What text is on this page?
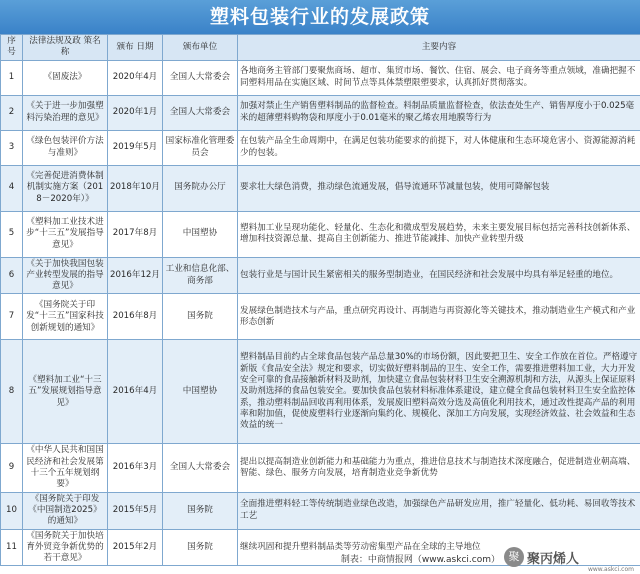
塑料包装行业的发展政策
序号	法律法规及政 策名称	颁布 日期	颁布单位	主要内容
1	《固废法》	2020年4月	全国人大常委会	各地商务主管部门要聚焦商场、超市、集贸市场、餐饮、住宿、展会、电子商务等重点领域，准确把握不同塑料用品在实施区域、时间节点等具体禁塑限塑要求，认真抓好贯彻落实。
2	《关于进一步加强塑料污染治理的意见》	2020年1月	全国人大常委会	加强对禁止生产销售塑料制品的监督检查。料制品质量监督检查，依法查处生产、销售厚度小于0.025毫米的超薄塑料购物袋和厚度小于0.01毫米的聚乙烯农用地膜等行为
3	《绿色包装评价方法与准则》	2019年5月	国家标准化管理委员会	在包装产品全生命周期中，在满足包装功能要求的前提下，对人体健康和生态环境危害小、资源能源消耗少的包装。
4	《完善促进消费体制机制实施方案（2018－2020年）》	2018年10月	国务院办公厅	要求壮大绿色消费，推动绿色流通发展，倡导流通环节减量包装，使用可降解包装
5	《塑料加工业技术进步“十三五”发展指导意见》	2017年8月	中国塑协	塑料加工业呈现功能化、轻量化、生态化和微成型发展趋势，未来主要发展目标包括完善科技创新体系、增加科技资源总量、提高自主创新能力、推进节能减排、加快产业转型升级
6	《关于加快我国包装产业转型发展的指导意见》	2016年12月	工业和信息化部、商务部	包装行业是与国计民生紧密相关的服务型制造业，在国民经济和社会发展中均具有举足轻重的地位。
7	《国务院关于印发“十三五”国家科技创新规划的通知》	2016年8月	国务院	发展绿色制造技术与产品，重点研究再设计、再制造与再资源化等关键技术，推动制造业生产模式和产业形态创新
8	《塑料加工业“十三五”发展规划指导意见》	2016年4月	中国塑协	塑料制品目前约占全球食品包装产品总量30%的市场份额，因此要把卫生、安全工作放在首位。严格遵守新版《食品安全法》规定和要求，切实做好塑料制品的卫生、安全工作，需要推进塑料加工业，大力开发安全可靠的食品接触新材料及助剂，加快建立食品包装材料卫生安全溯源机制和方法，从源头上保证原料及助剂选择的食品包装安全。要加快食品包装材料标准体系建设，建立健全食品包装材料卫生安全监控体系，推动塑料制品回收再利用体系，发展废旧塑料高效分选及高值化利用技术，通过改性提高产品的利用率和附加值，促使废塑料行业逐渐向集约化、规模化、深加工方向发展，实现经济效益、社会效益和生态效益的统一
9	《中华人民共和国国民经济和社会发展第十三个五年规划纲要》	2016年3月	全国人大常委会	提出以提高制造业创新能力和基础能力为重点，推进信息技术与制造技术深度融合，促进制造业朝高端、智能、绿色、服务方向发展，培育制造业竞争新优势
10	《国务院关于印发《中国制造2025》的通知》	2015年5月	国务院	全面推进塑料轻工等传统制造业绿色改造，加强绿色产品研发应用，推广轻量化、低功耗、易回收等技术工艺
11	《国务院关于加快培育外贸竞争新优势的若干意见》	2015年2月	国务院	继续巩固和提升塑料制品类等劳动密集型产品在全球的主导地位
制表：中商情报网（www.askci.com） 聚 聚丙烯人
www.askci.com
